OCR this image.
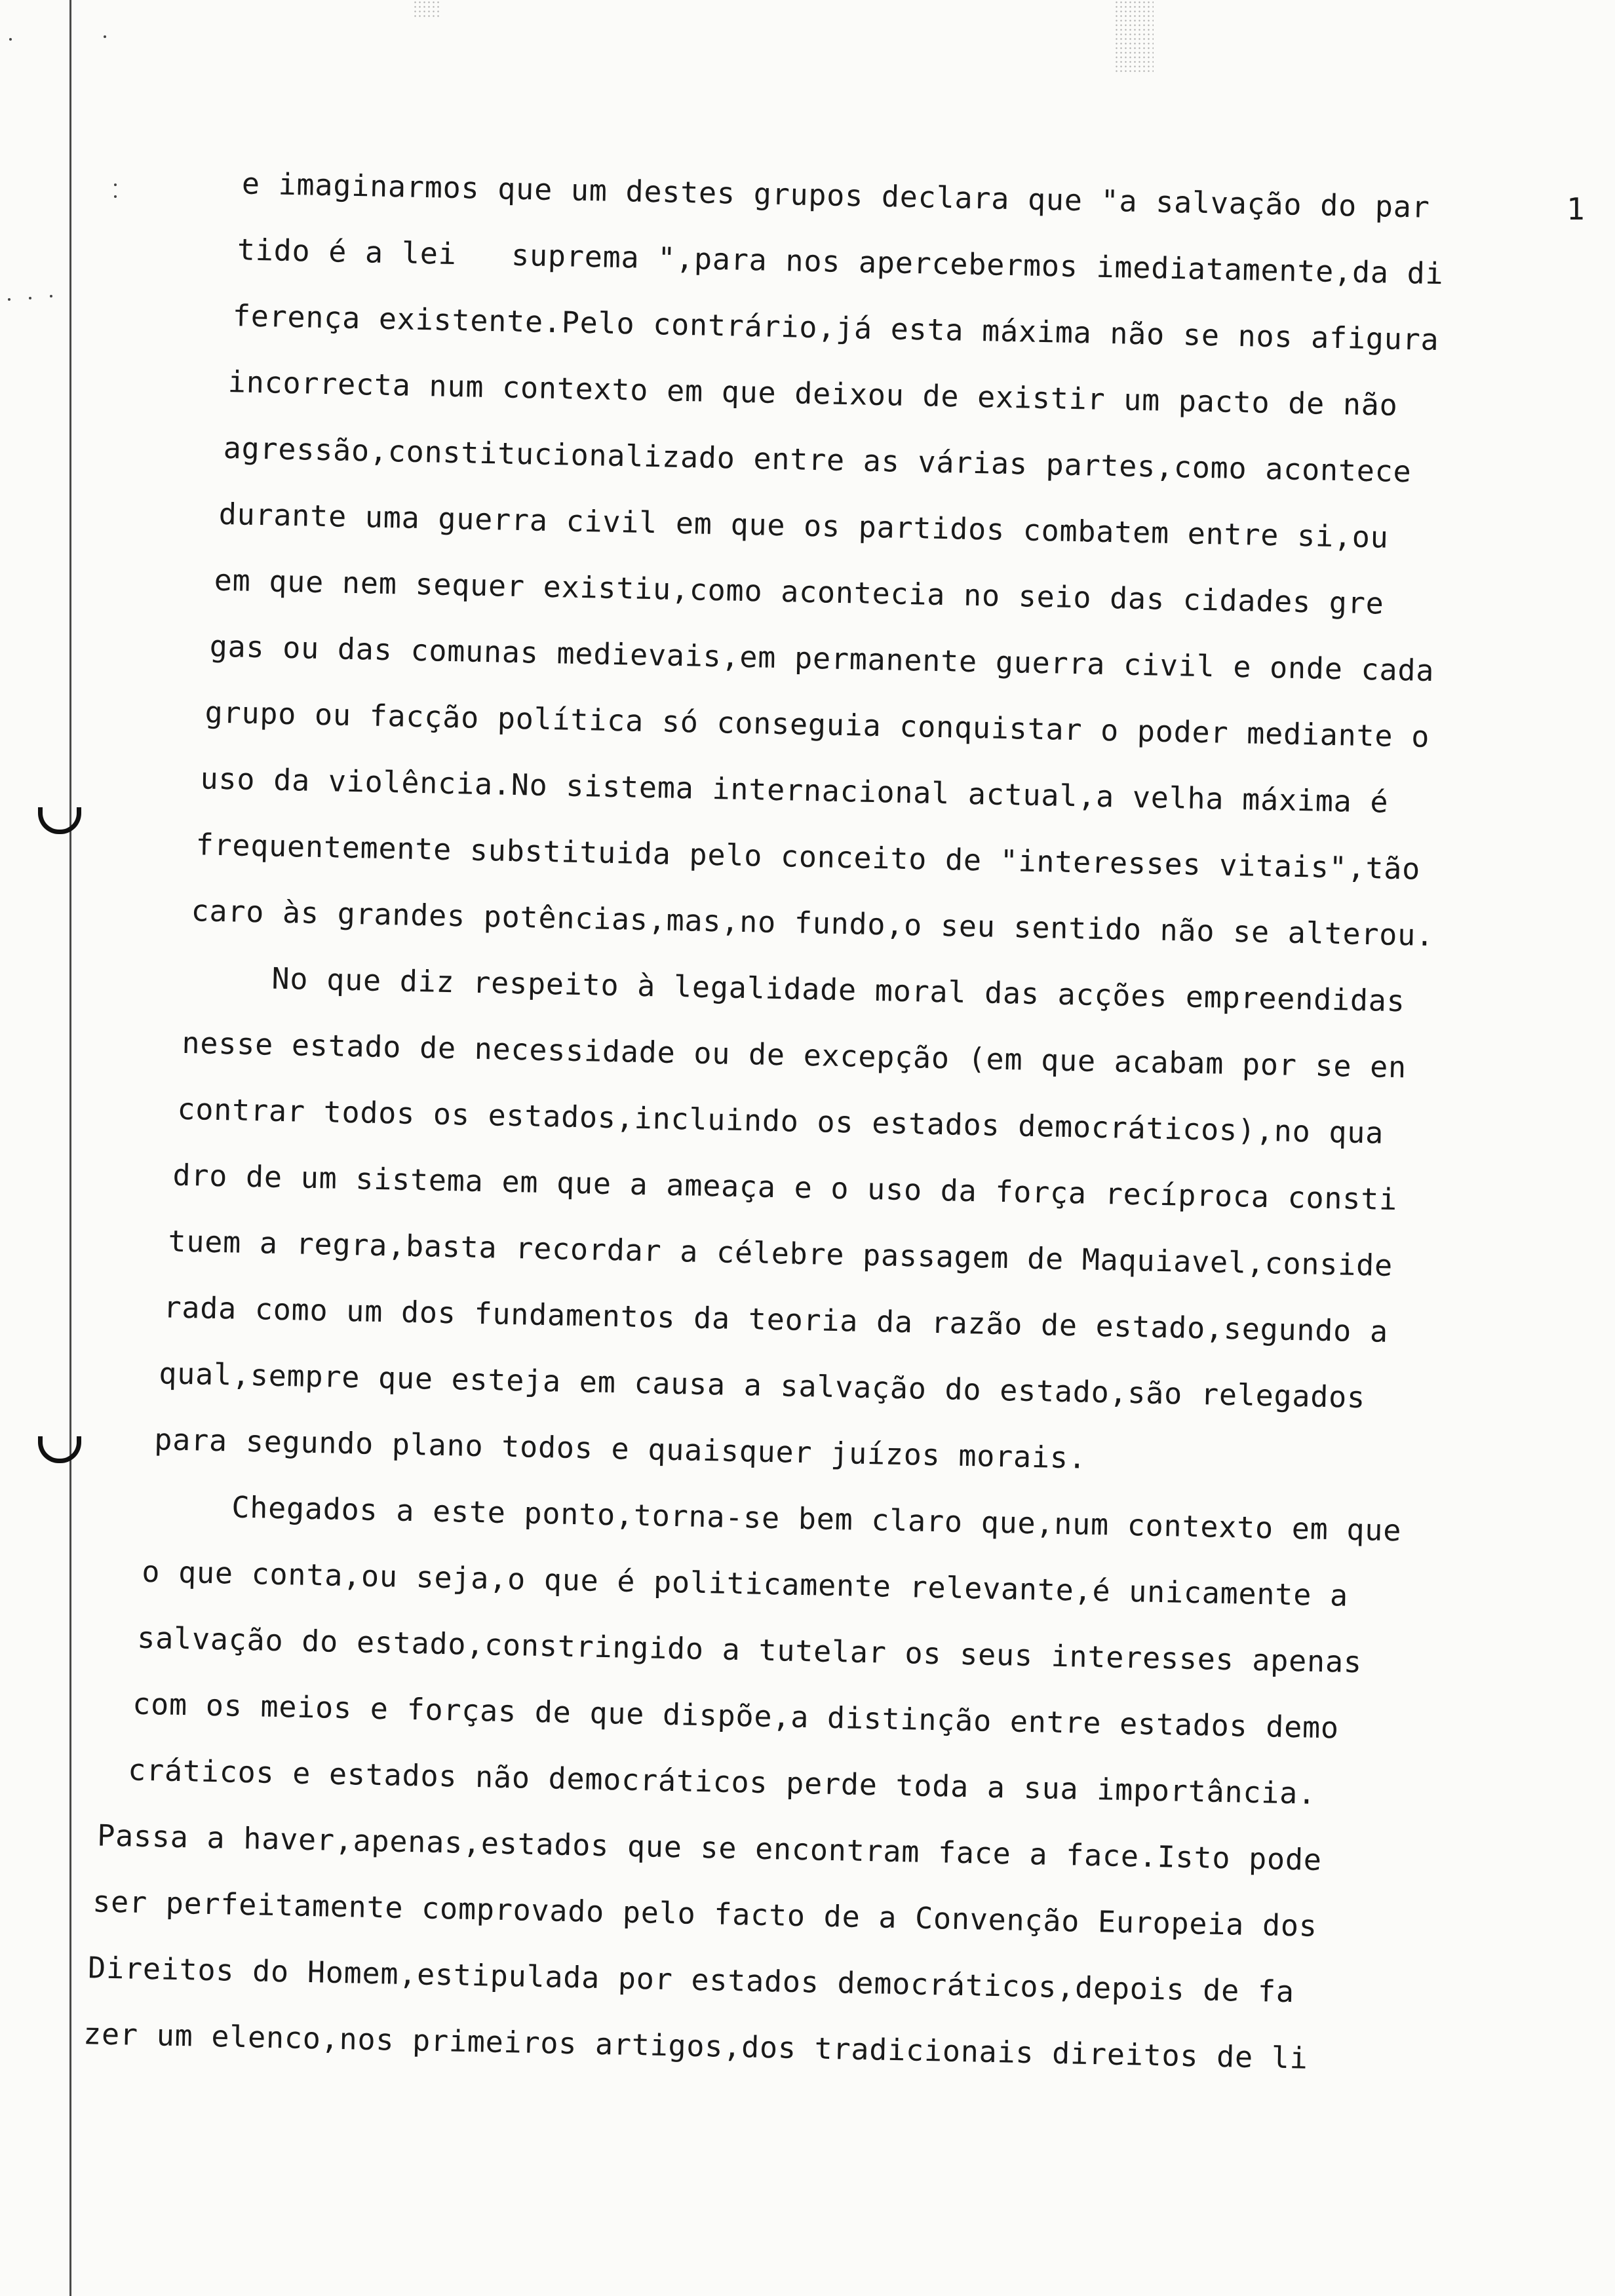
1
e imaginarmos que um destes grupos declara que "a salvação do par
tido é a lei   suprema ",para nos apercebermos imediatamente,da di
ferença existente.Pelo contrário,já esta máxima não se nos afigura
incorrecta num contexto em que deixou de existir um pacto de não
agressão,constitucionalizado entre as várias partes,como acontece
durante uma guerra civil em que os partidos combatem entre si,ou
em que nem sequer existiu,como acontecia no seio das cidades gre
gas ou das comunas medievais,em permanente guerra civil e onde cada
grupo ou facção política só conseguia conquistar o poder mediante o
uso da violência.No sistema internacional actual,a velha máxima é
frequentemente substituida pelo conceito de "interesses vitais",tão
caro às grandes potências,mas,no fundo,o seu sentido não se alterou.
No que diz respeito à legalidade moral das acções empreendidas
nesse estado de necessidade ou de excepção (em que acabam por se en
contrar todos os estados,incluindo os estados democráticos),no qua
dro de um sistema em que a ameaça e o uso da força recíproca consti
tuem a regra,basta recordar a célebre passagem de Maquiavel,conside
rada como um dos fundamentos da teoria da razão de estado,segundo a
qual,sempre que esteja em causa a salvação do estado,são relegados
para segundo plano todos e quaisquer juízos morais.
Chegados a este ponto,torna-se bem claro que,num contexto em que
o que conta,ou seja,o que é politicamente relevante,é unicamente a
salvação do estado,constringido a tutelar os seus interesses apenas
com os meios e forças de que dispõe,a distinção entre estados demo
cráticos e estados não democráticos perde toda a sua importância.
Passa a haver,apenas,estados que se encontram face a face.Isto pode
ser perfeitamente comprovado pelo facto de a Convenção Europeia dos
Direitos do Homem,estipulada por estados democráticos,depois de fa
zer um elenco,nos primeiros artigos,dos tradicionais direitos de li
